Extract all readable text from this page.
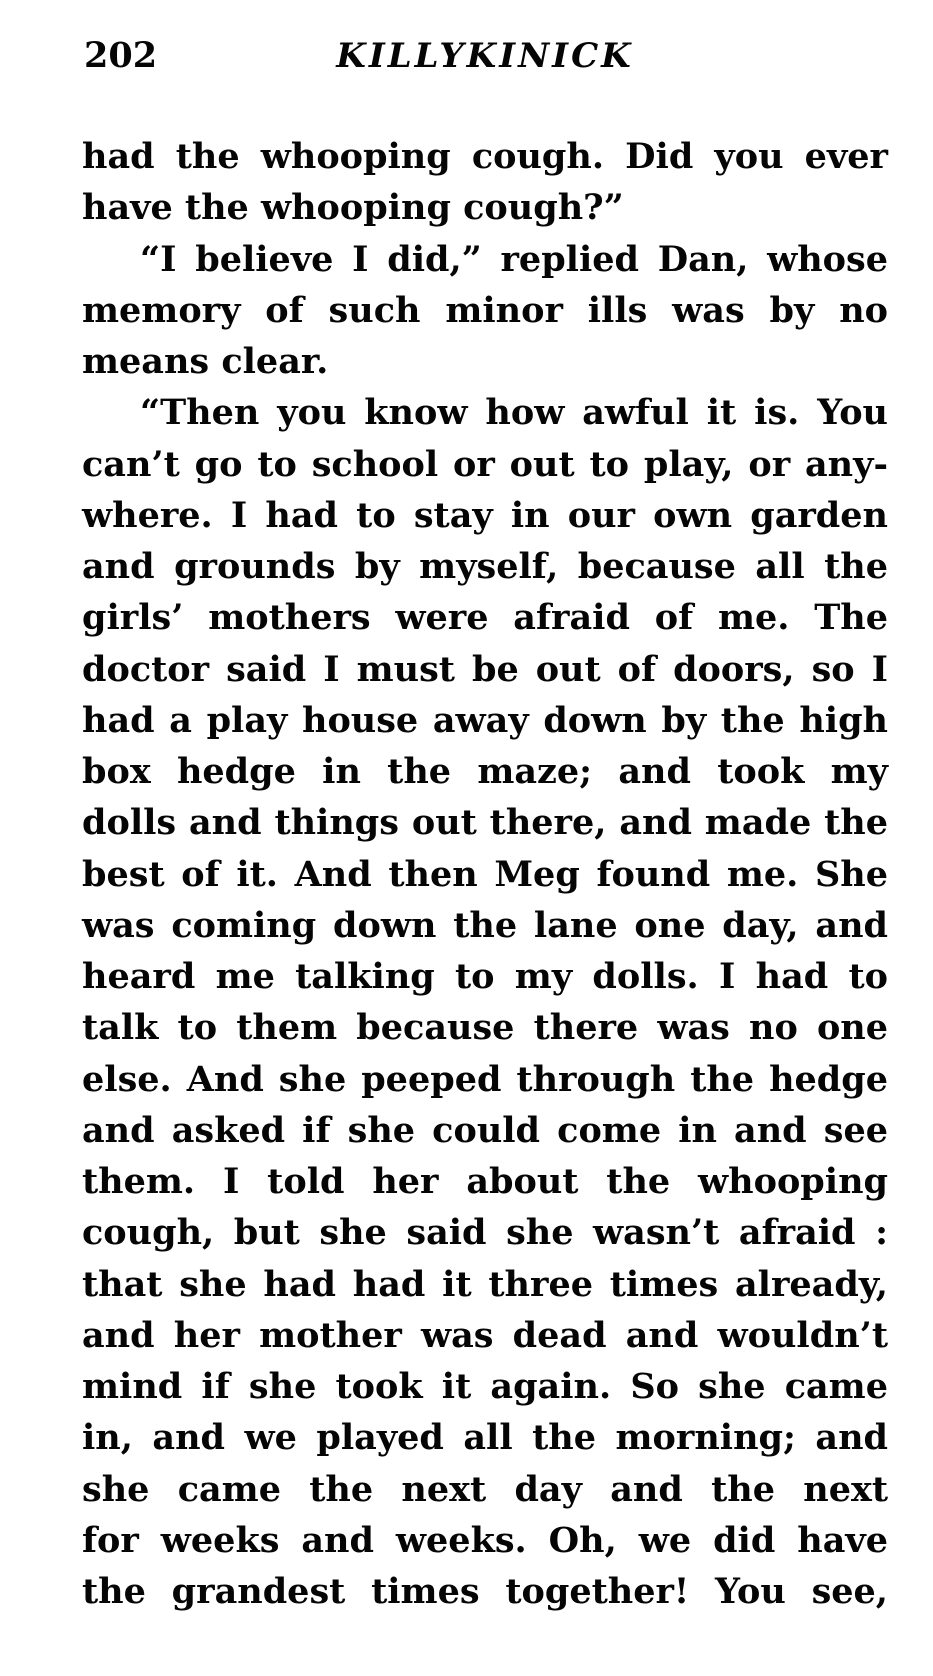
202	KILLYKINICK
had the whooping cough. Did you ever
have the whooping cough?”
“I believe I did,” replied Dan, whose
memory of such minor ills was by no
means clear.
“Then you know how awful it is. You
can’t go to school or out to play, or any-
where. I had to stay in our own garden
and grounds by myself, because all the
girls’ mothers were afraid of me. The
doctor said I must be out of doors, so I
had a play house away down by the high
box hedge in the maze; and took my
dolls and things out there, and made the
best of it. And then Meg found me. She
was coming down the lane one day, and
heard me talking to my dolls. I had to
talk to them because there was no one
else. And she peeped through the hedge
and asked if she could come in and see
them. I told her about the whooping
cough, but she said she wasn’t afraid :
that she had had it three times already,
and her mother was dead and wouldn’t
mind if she took it again. So she came
in, and we played all the morning; and
she came the next day and the next
for weeks and weeks. Oh, we did have
the grandest times together! You see,
